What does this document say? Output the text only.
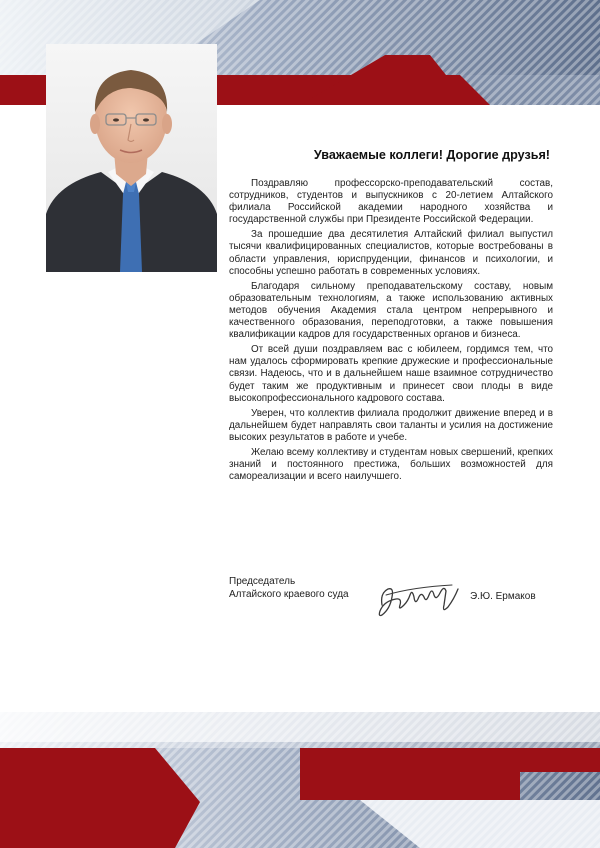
Уважаемые коллеги! Дорогие друзья!

Поздравляю профессорско-преподавательский состав, сотрудников, студентов и выпускников с 20-летием Алтайского филиала Российской академии народного хозяйства и государственной службы при Президенте Российской Федерации.

За прошедшие два десятилетия Алтайский филиал выпустил тысячи квалифицированных специалистов, которые востребованы в области управления, юриспруденции, финансов и психологии, и способны успешно работать в современных условиях.

Благодаря сильному преподавательскому составу, новым образовательным технологиям, а также использованию активных методов обучения Академия стала центром непрерывного и качественного образования, переподготовки, а также повышения квалификации кадров для государственных органов и бизнеса.

От всей души поздравляем вас с юбилеем, гордимся тем, что нам удалось сформировать крепкие дружеские и профессиональные связи. Надеюсь, что и в дальнейшем наше взаимное сотрудничество будет таким же продуктивным и принесет свои плоды в виде высокопрофессионального кадрового состава.

Уверен, что коллектив филиала продолжит движение вперед и в дальнейшем будет направлять свои таланты и усилия на достижение высоких результатов в работе и учебе.

Желаю всему коллективу и студентам новых свершений, крепких знаний и постоянного престижа, больших возможностей для самореализации и всего наилучшего.

Председатель
Алтайского краевого суда	Э.Ю. Ермаков
